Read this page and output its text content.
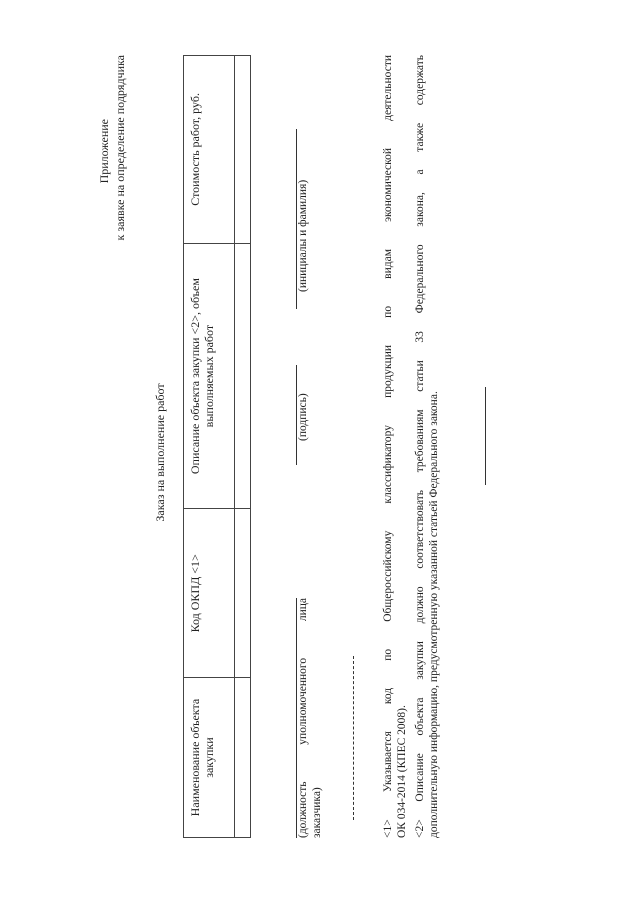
Приложение к заявке на определение подрядчика
Заказ на выполнение работ
Наименование объекта закупки	Код ОКПД <1>	Описание объекта закупки <2>, объем выполняемых работ	Стоимость работ, руб.

(должность уполномоченного лица заказчика)
(подпись)
(инициалы и фамилия)	<1> Указывается код по Общероссийскому классификатору продукции по видам экономической деятельности ОК 034-2014 (КПЕС 2008). <2> Описание объекта закупки должно соответствовать требованиям статьи 33 Федерального закона, а также содержать дополнительную информацию, предусмотренную указанной статьей Федерального закона.
